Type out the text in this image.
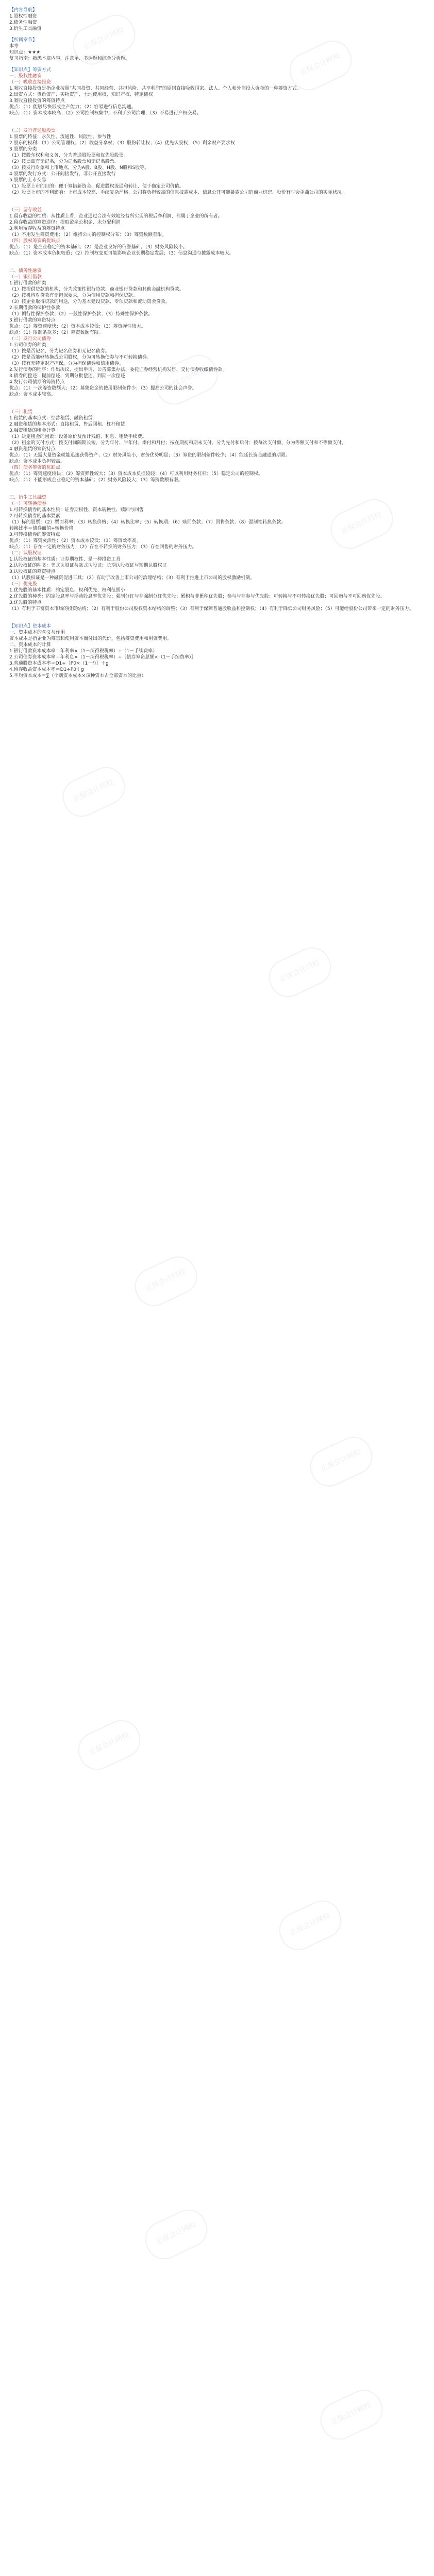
【内容导航】

1.股权性融资

2.债务性融资

3.衍生工具融资

【所属章节】

本章

知识点：★★★

复习指南：熟悉本章内容，注意单、多选题和综合分析题。

【知识点】筹资方式

一、股权性融资

（一）吸收直接投资

1.吸收直接投资是指企业按照“共同投资、共同经营、共担风险、共享利润”的原则直接吸收国家、法人、个人和外商投入资金的一种筹资方式。

2.出资方式：货币资产、实物资产、土地使用权、知识产权、特定债权

3.吸收直接投资的筹资特点

优点：（1）能够尽快形成生产能力；（2）容易进行信息沟通。

缺点：（1）资本成本较高；（2）公司控制权集中，不利于公司治理；（3）不易进行产权交易。

（二）发行普通股股票

1.股票的特征：永久性、流通性、风险性、参与性

2.股东的权利：（1）公司管理权；（2）收益分享权；（3）股份转让权；（4）优先认股权；（5）剩余财产要求权

3.股票的分类

（1）按股东权利和义务，分为普通股股票和优先股股票。

（2）按票面有无记名，分为记名股票和无记名股票。

（3）按发行对象和上市地点，分为A股、B股、H股、N股和S股等。

4.股票的发行方式：公开间接发行、非公开直接发行

5.股票的上市交易

（1）股票上市的目的：便于筹措新资金、促进股权流通和转让、便于确定公司价值。

（2）股票上市的不利影响：上市成本较高、手续复杂严格、公司将负担较高的信息披露成本、信息公开可能暴露公司的商业机密、股价有时会歪曲公司的实际状况。

（三）留存收益

1.留存收益的性质：从性质上看，企业通过合法有效地经营所实现的税后净利润，都属于企业的所有者。

2.留存收益的筹资途径：提取盈余公积金、未分配利润

3.利用留存收益的筹资特点

（1）不用发生筹资费用；（2）维持公司的控制权分布；（3）筹资数额有限。

（四）股权筹资的优缺点

优点：（1）是企业稳定的资本基础；（2）是企业良好的信誉基础；（3）财务风险较小。

缺点：（1）资本成本负担较重；（2）控制权变更可能影响企业长期稳定发展；（3）信息沟通与披露成本较大。

二、债务性融资

（一）银行借款

1.银行借款的种类

（1）按提供贷款的机构，分为政策性银行贷款、商业银行贷款和其他金融机构贷款。

（2）按机构对贷款有无担保要求，分为信用贷款和担保贷款。

（3）按企业取得贷款的用途，分为基本建设贷款、专项贷款和流动资金贷款。

2.长期借款的保护性条款

（1）例行性保护条款；（2）一般性保护条款；（3）特殊性保护条款。

3.银行借款的筹资特点

优点：（1）筹资速度快；（2）资本成本较低；（3）筹资弹性较大。

缺点：（1）限制条款多；（2）筹资数额有限。

（二）发行公司债券

1.公司债券的种类

（1）按是否记名，分为记名债券和无记名债券。

（2）按是否能够转换成公司股权，分为可转换债券与不可转换债券。

（3）按有无特定财产担保，分为担保债券和信用债券。

2.发行债券的程序：作出决议、提出申请、公告募集办法、委托证券经营机构发售、交付债券收缴债券款。

3.债券的偿还：提前偿还、到期分批偿还、到期一次偿还

4.发行公司债券的筹资特点

优点：（1）一次筹资数额大；（2）募集资金的使用限制条件少；（3）提高公司的社会声誉。

缺点：资本成本较高。

（三）租赁

1.租赁的基本形式：经营租赁、融资租赁

2.融资租赁的基本形式：直接租赁、售后回租、杠杆租赁

3.融资租赁的租金计算

（1）决定租金的因素：设备原价及预计残值、利息、租赁手续费。

（2）租金的支付方式：按支付间隔期长短，分为年付、半年付、季付和月付；按在期初和期末支付，分为先付和后付；按每次支付额，分为等额支付和不等额支付。

4.融资租赁的筹资特点

优点：（1）无需大量资金就能迅速获得资产；（2）财务风险小，财务优势明显；（3）筹资的限制条件较少；（4）能延长资金融通的期限。

缺点：资本成本负担较高。

（四）债务筹资的优缺点

优点：（1）筹资速度较快；（2）筹资弹性较大；（3）资本成本负担较轻；（4）可以利用财务杠杆；（5）稳定公司的控制权。

缺点：（1）不能形成企业稳定的资本基础；（2）财务风险较大；（3）筹资数额有限。

三、衍生工具融资

（一）可转换债券

1.可转换债券的基本性质：证券期权性、资本转换性、赎回与回售

2.可转换债券的基本要素

（1）标的股票；（2）票面利率；（3）转换价格；（4）转换比率；（5）转换期；（6）赎回条款；（7）回售条款；（8）强制性转换条款。

转换比率＝债券面值÷转换价格

3.可转换债券的筹资特点

优点：（1）筹资灵活性；（2）资本成本较低；（3）筹资效率高。

缺点：（1）存在一定的财务压力；（2）存在不转换的财务压力；（3）存在回售的财务压力。

（二）认股权证

1.认股权证的基本性质：证券期权性、是一种投资工具

2.认股权证的种类：美式认股证与欧式认股证；长期认股权证与短期认股权证

3.认股权证的筹资特点

（1）认股权证是一种融资促进工具；（2）有助于改善上市公司的治理结构；（3）有利于推进上市公司的股权激励机制。

（三）优先股

1.优先股的基本性质：约定股息、权利优先、权利范围小

2.优先股的种类：固定股息率与浮动股息率优先股；强制分红与非强制分红优先股；累积与非累积优先股；参与与非参与优先股；可转换与不可转换优先股；可回购与不可回购优先股。

3.优先股的特点

（1）有利于丰富资本市场的投资结构；（2）有利于股份公司股权资本结构的调整；（3）有利于保障普通股收益和控制权；（4）有利于降低公司财务风险；（5）可能给股份公司带来一定的财务压力。

【知识点】资本成本

一、资本成本的含义与作用

资本成本是指企业为筹集和使用资本而付出的代价，包括筹资费用和用资费用。

二、资本成本的计算

1.银行借款资本成本率＝年利率×（1－所得税税率）÷（1－手续费率）

2.公司债券资本成本率＝年利息×（1－所得税税率）÷［债券筹资总额×（1－手续费率）］

3.普通股资本成本率＝D1÷［P0×（1－f）］＋g

4.留存收益资本成本率＝D1÷P0＋g

5.平均资本成本＝∑（个别资本成本×该种资本占全部资本的比重）

正保会计网校
正保会计网校
正保会计网校
正保会计网校
正保会计网校
正保会计网校
正保会计网校
正保会计网校
正保会计网校
正保会计网校
正保会计网校
正保会计网校
